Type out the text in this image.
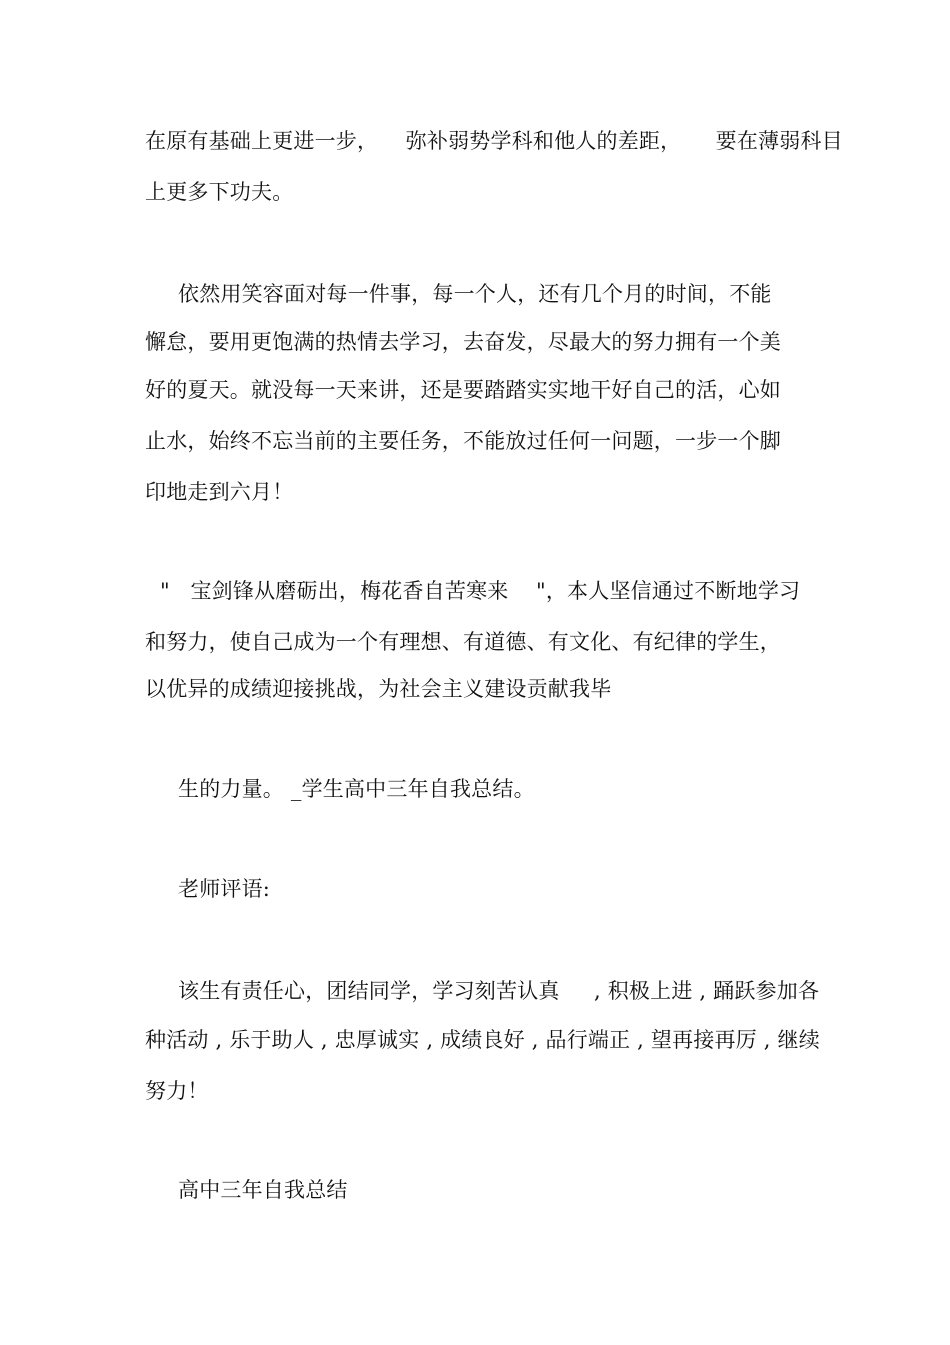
在原有基础上更进一步，    弥补弱势学科和他人的差距，     要在薄弱科目
上更多下功夫。
依然用笑容面对每一件事，每一个人，还有几个月的时间，不能
懈怠，要用更饱满的热情去学习，去奋发，尽最大的努力拥有一个美
好的夏天。就没每一天来讲，还是要踏踏实实地干好自己的活，心如
止水，始终不忘当前的主要任务，不能放过任何一问题，一步一个脚
印地走到六月！
"   宝剑锋从磨砺出，梅花香自苦寒来    "，本人坚信通过不断地学习
和努力，使自己成为一个有理想、有道德、有文化、有纪律的学生，
以优异的成绩迎接挑战，为社会主义建设贡献我毕
生的力量。 _学生高中三年自我总结。
老师评语:
该生有责任心，团结同学，学习刻苦认真     , 积极上进 , 踊跃参加各
种活动 , 乐于助人 , 忠厚诚实 , 成绩良好 , 品行端正 , 望再接再厉 , 继续
努力！
高中三年自我总结
